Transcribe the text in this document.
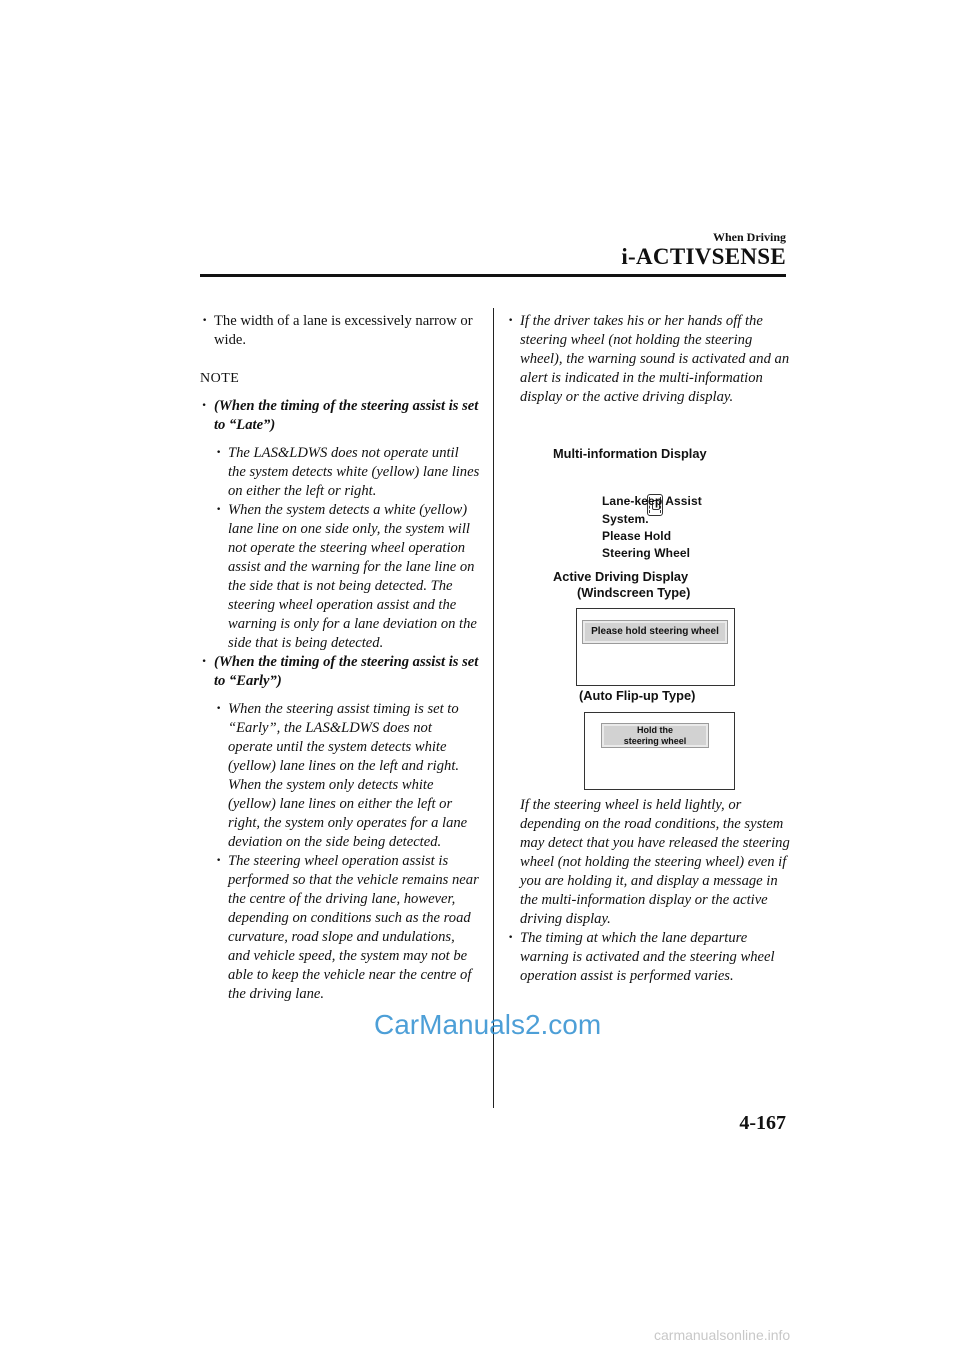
When Driving
i-ACTIVSENSE
· The width of a lane is excessively narrow or wide.
NOTE
· (When the timing of the steering assist is set to “Late”)
· The LAS&LDWS does not operate until the system detects white (yellow) lane lines on either the left or right.
· When the system detects a white (yellow) lane line on one side only, the system will not operate the steering wheel operation assist and the warning for the lane line on the side that is not being detected. The steering wheel operation assist and the warning is only for a lane deviation on the side that is being detected.
· (When the timing of the steering assist is set to “Early”)
· When the steering assist timing is set to “Early”, the LAS&LDWS does not operate until the system detects white (yellow) lane lines on the left and right. When the system only detects white (yellow) lane lines on either the left or right, the system only operates for a lane deviation on the side being detected.
· The steering wheel operation assist is performed so that the vehicle remains near the centre of the driving lane, however, depending on conditions such as the road curvature, road slope and undulations, and vehicle speed, the system may not be able to keep the vehicle near the centre of the driving lane.
· If the driver takes his or her hands off the steering wheel (not holding the steering wheel), the warning sound is activated and an alert is indicated in the multi-information display or the active driving display.
Multi-information Display
Lane-keep Assist
System.
Please Hold
Steering Wheel
Active Driving Display
(Windscreen Type)
Please hold steering wheel
(Auto Flip-up Type)
Hold the
steering wheel
If the steering wheel is held lightly, or depending on the road conditions, the system may detect that you have released the steering wheel (not holding the steering wheel) even if you are holding it, and display a message in the multi-information display or the active driving display.
· The timing at which the lane departure warning is activated and the steering wheel operation assist is performed varies.
CarManuals2.com
4-167
carmanualsonline.info
